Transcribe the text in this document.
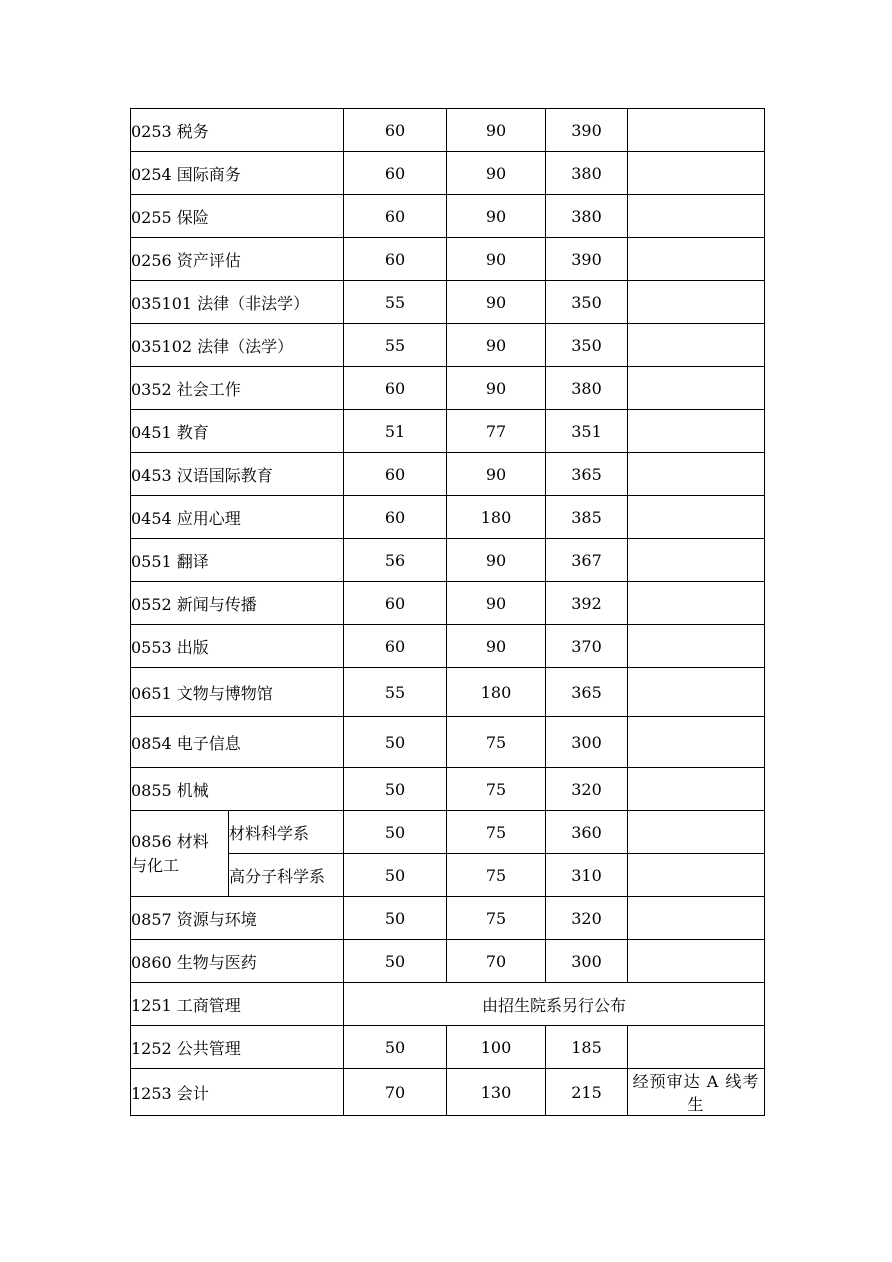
0253 税务		60	90	390	
0254 国际商务		60	90	380	
0255 保险		60	90	380	
0256 资产评估		60	90	390	
035101 法律（非法学）		55	90	350	
035102 法律（法学）		55	90	350	
0352 社会工作		60	90	380	
0451 教育		51	77	351	
0453 汉语国际教育		60	90	365	
0454 应用心理		60	180	385	
0551 翻译		56	90	367	
0552 新闻与传播		60	90	392	
0553 出版		60	90	370	
0651 文物与博物馆		55	180	365	
0854 电子信息		50	75	300	
0855 机械		50	75	320	
0856 材料与化工	材料科学系	50	75	360	
	高分子科学系	50	75	310	
0857 资源与环境		50	75	320	
0860 生物与医药		50	70	300	
1251 工商管理		由招生院系另行公布			
1252 公共管理		50	100	185	
1253 会计		70	130	215	经预审达 A 线考生
